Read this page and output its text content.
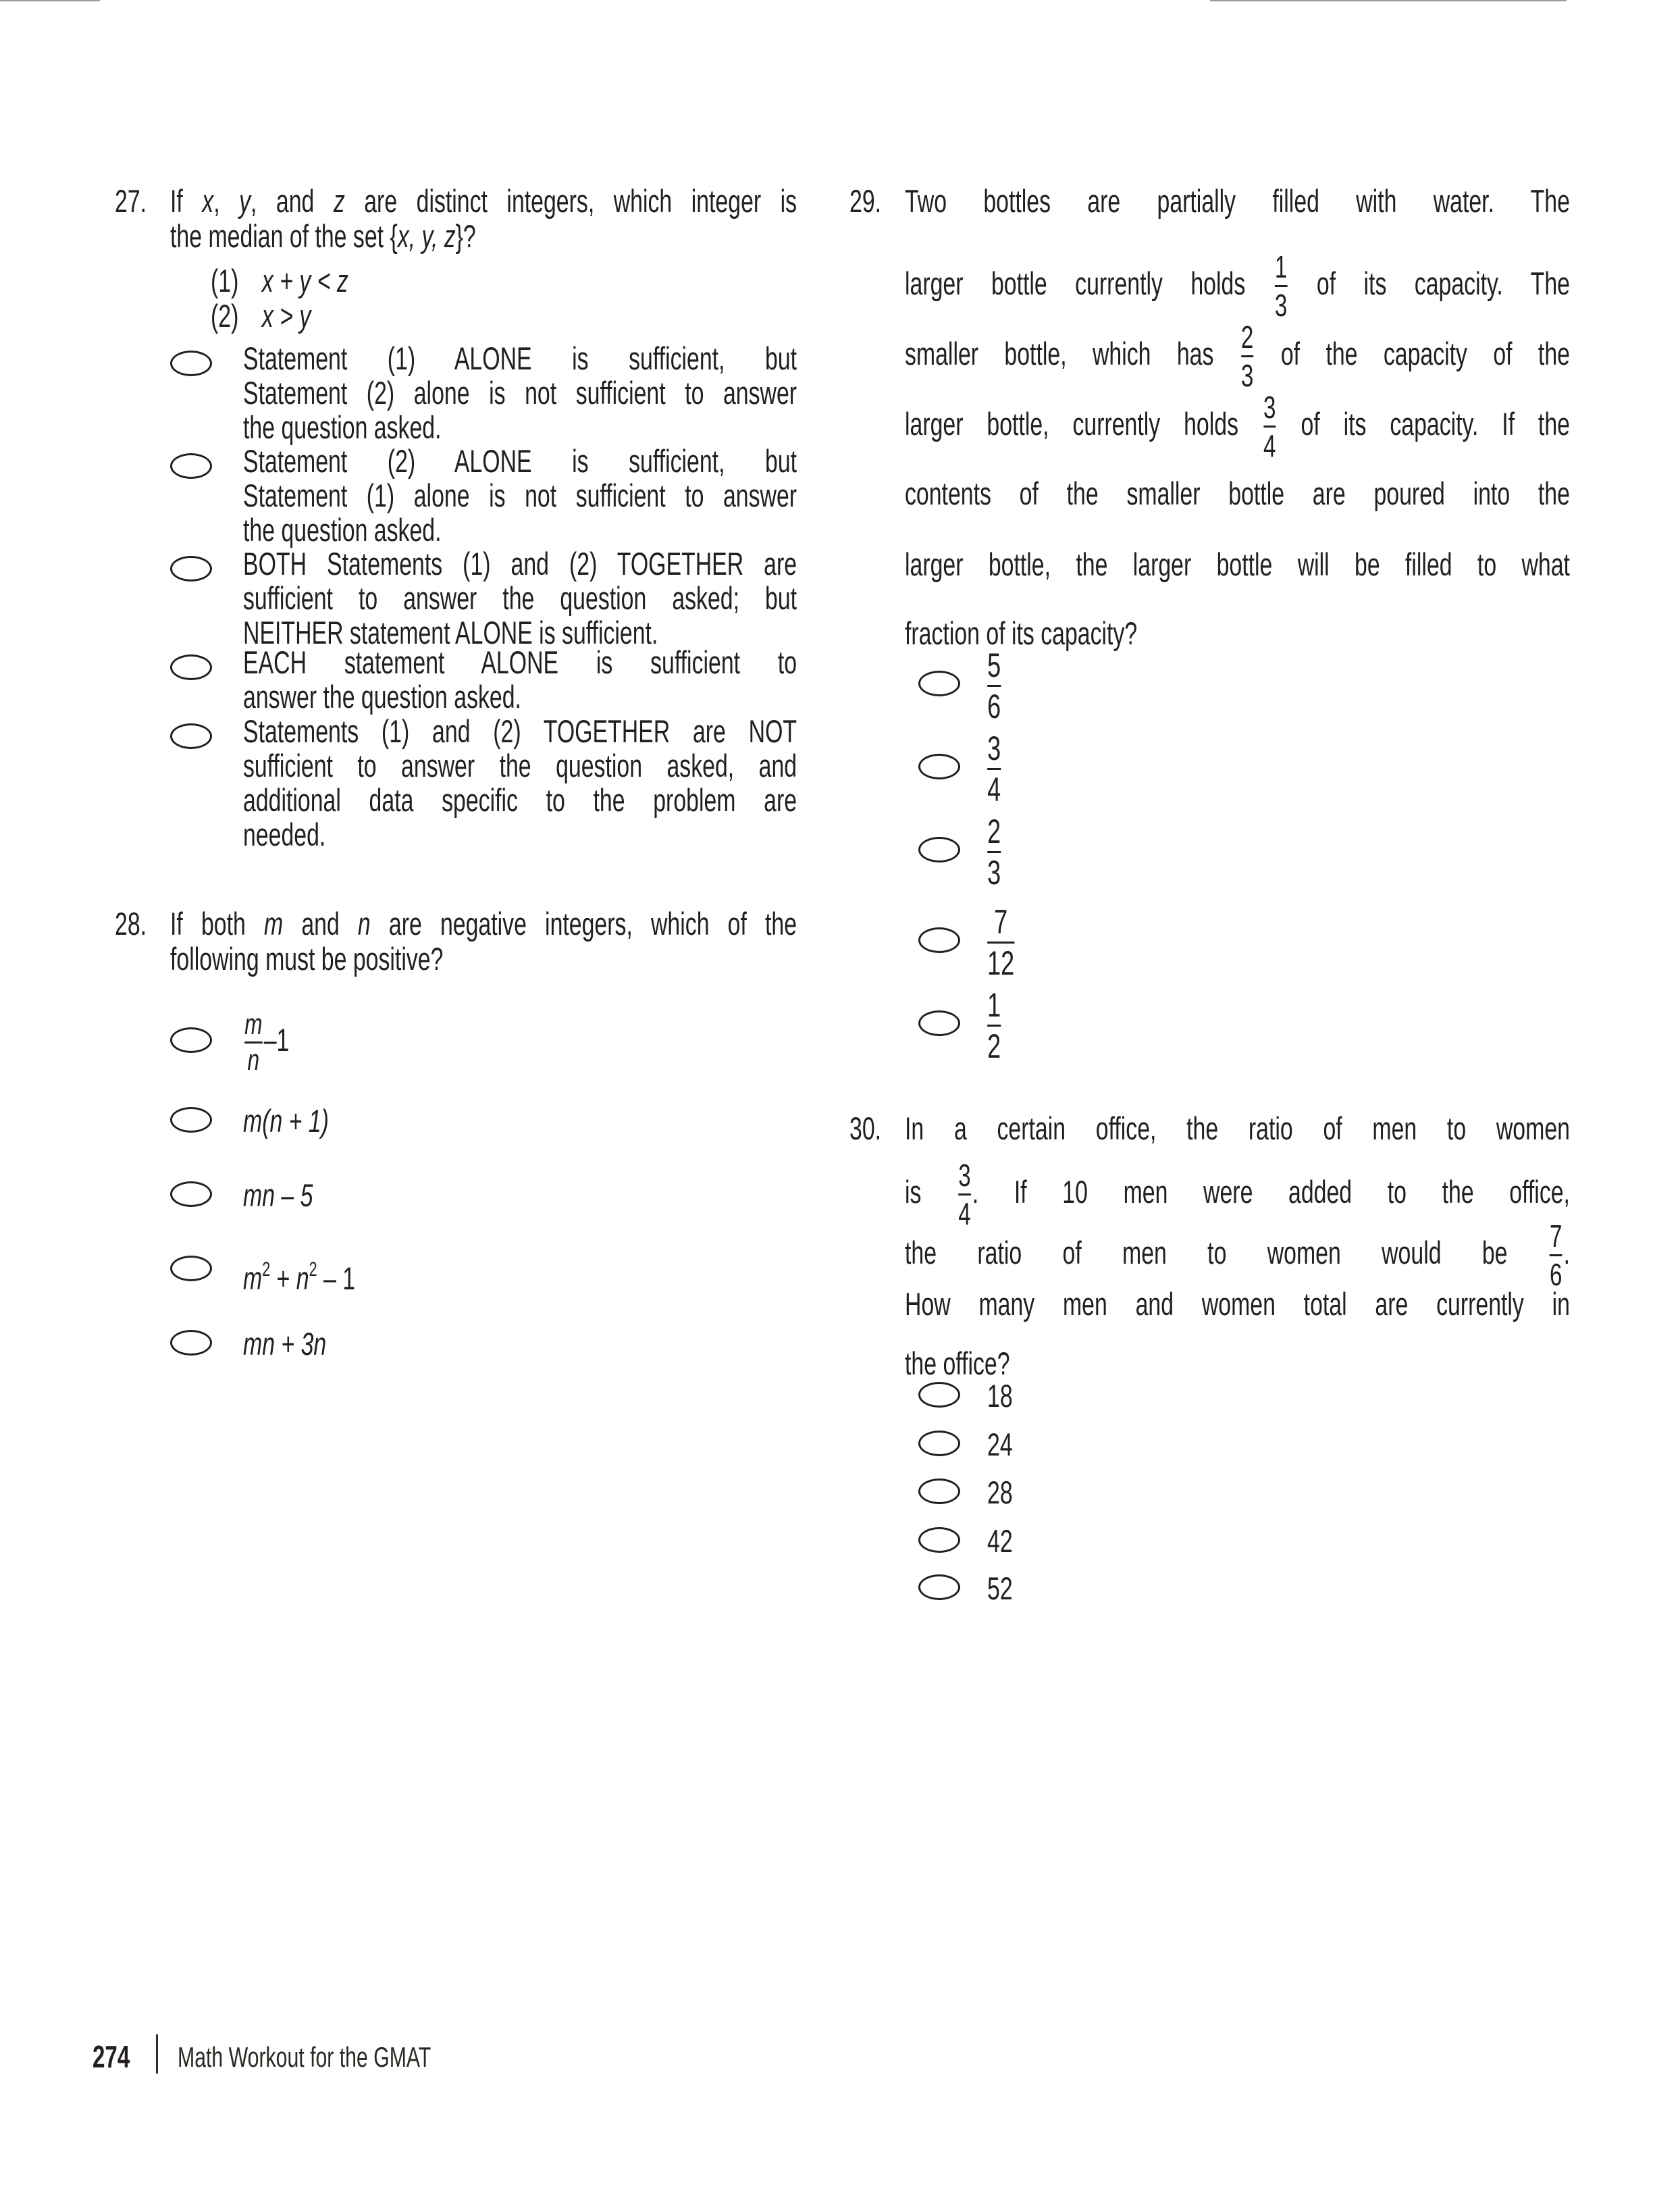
27. If x, y, and z are distinct integers, which integer is
the median of the set {x, y, z}?
(1) x + y < z
(2) x > y
Statement (1) ALONE is sufficient, but
Statement (2) alone is not sufficient to answer
the question asked.
Statement (2) ALONE is sufficient, but
Statement (1) alone is not sufficient to answer
the question asked.
BOTH Statements (1) and (2) TOGETHER are
sufficient to answer the question asked; but
NEITHER statement ALONE is sufficient.
EACH statement ALONE is sufficient to
answer the question asked.
Statements (1) and (2) TOGETHER are NOT
sufficient to answer the question asked, and
additional data specific to the problem are
needed.
28. If both m and n are negative integers, which of the
following must be positive?
$\frac{m}{n} -1$
m(n + 1)
mn – 5
$m^2 + n^2 - 1$
mn + 3n
29. Two bottles are partially filled with water. The
larger bottle currently holds $\frac{1}{3}$ of its capacity. The
smaller bottle, which has $\frac{2}{3}$ of the capacity of the
larger bottle, currently holds $\frac{3}{4}$ of its capacity. If the
contents of the smaller bottle are poured into the
larger bottle, the larger bottle will be filled to what
fraction of its capacity?
$\frac{5}{6}$
$\frac{3}{4}$
$\frac{2}{3}$
$\frac{7}{12}$
$\frac{1}{2}$
30. In a certain office, the ratio of men to women
is $\frac{3}{4}$ . If 10 men were added to the office,
the ratio of men to women would be $\frac{7}{6}$ .
How many men and women total are currently in
the office?
18
24
28
42
52
274 Math Workout for the GMAT
